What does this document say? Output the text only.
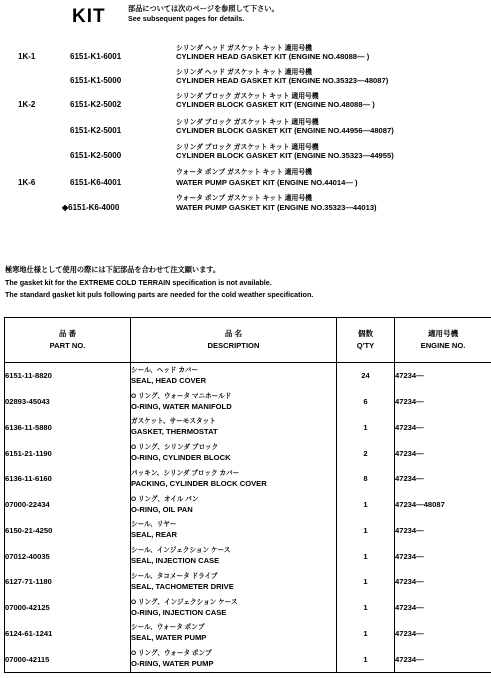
KIT	部品については次のページを参照して下さい。
See subsequent pages for details.
1K-1	6151-K1-6001
シリンダ ヘッド ガスケット キット 適用号機
CYLINDER HEAD GASKET KIT (ENGINE NO.48088— )
6151-K1-5000
シリンダ ヘッド ガスケット キット 適用号機
CYLINDER HEAD GASKET KIT (ENGINE NO.35323—48087)
1K-2	6151-K2-5002
シリンダ ブロック ガスケット キット 適用号機
CYLINDER BLOCK GASKET KIT (ENGINE NO.48088— )
6151-K2-5001
シリンダ ブロック ガスケット キット 適用号機
CYLINDER BLOCK GASKET KIT (ENGINE NO.44956—48087)
6151-K2-5000
シリンダ ブロック ガスケット キット 適用号機
CYLINDER BLOCK GASKET KIT (ENGINE NO.35323—44955)
1K-6	6151-K6-4001
ウォータ ポンプ ガスケット キット 適用号機
WATER PUMP GASKET KIT (ENGINE NO.44014— )
◆6151-K6-4000
ウォータ ポンプ ガスケット キット 適用号機
WATER PUMP GASKET KIT (ENGINE NO.35323—44013)
極寒地仕様として使用の際には下記部品を合わせて注文願います。
The gasket kit for the EXTREME COLD TERRAIN specification is not available.
The standard gasket kit puls following parts are needed for the cold weather specification.
品 番
PART NO.	品 名
DESCRIPTION	個数
Q'TY	適用号機
ENGINE NO.

6151-11-8820	シール、ヘッド カバー
SEAL, HEAD COVER	24	47234—
02893-45043	O リング、ウォータ マニホールド
O-RING, WATER MANIFOLD	6	47234—
6136-11-5880	ガスケット、サーモスタット
GASKET, THERMOSTAT	1	47234—
6151-21-1190	O リング、シリンダ ブロック
O-RING, CYLINDER BLOCK	2	47234—
6136-11-6160	パッキン、シリンダ ブロック カバー
PACKING, CYLINDER BLOCK COVER	8	47234—
07000-22434	O リング、オイル パン
O-RING, OIL PAN	1	47234—48087
6150-21-4250	シール、リヤー
SEAL, REAR	1	47234—
07012-40035	シール、インジェクション ケース
SEAL, INJECTION CASE	1	47234—
6127-71-1180	シール、タコメータ ドライブ
SEAL, TACHOMETER DRIVE	1	47234—
07000-42125	O リング、インジェクション ケース
O-RING, INJECTION CASE	1	47234—
6124-61-1241	シール、ウォータ ポンプ
SEAL, WATER PUMP	1	47234—
07000-42115	O リング、ウォータ ポンプ
O-RING, WATER PUMP	1	47234—
